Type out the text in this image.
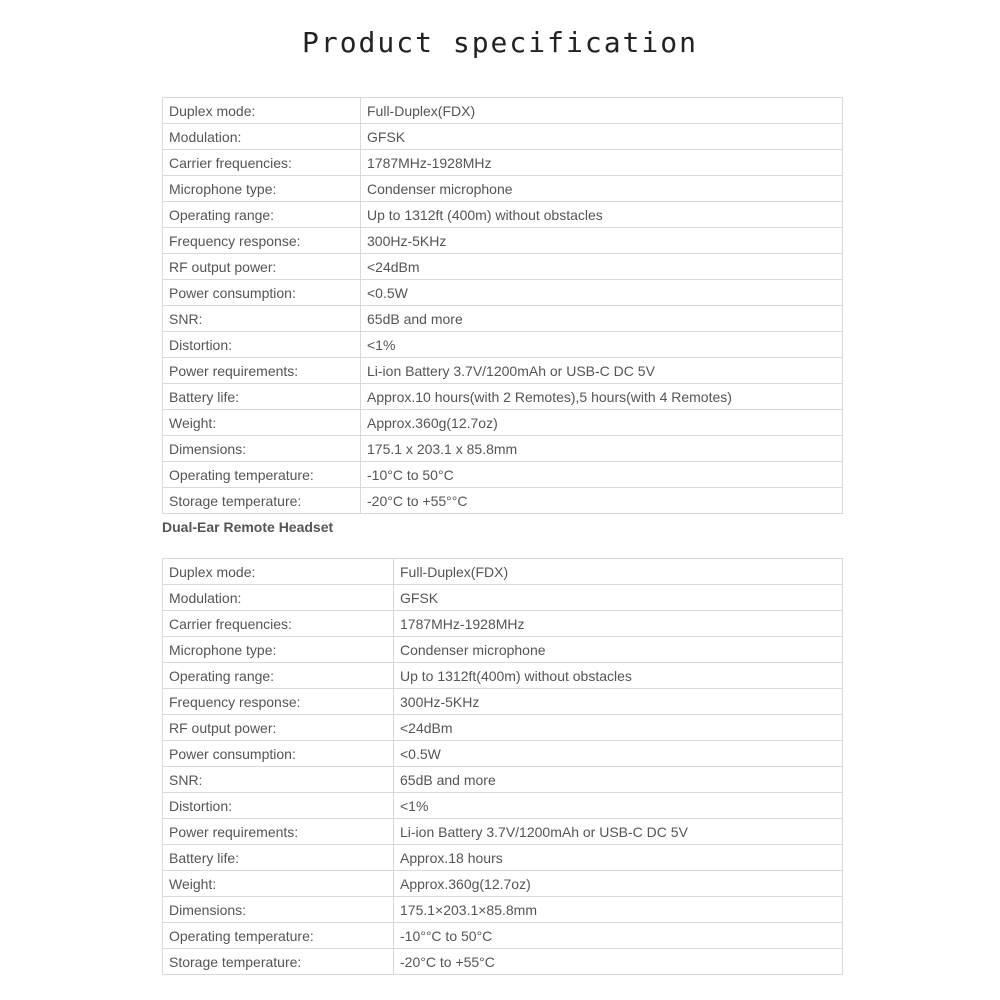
Product specification
Duplex mode:	Full-Duplex(FDX)
Modulation:	GFSK
Carrier frequencies:	1787MHz-1928MHz
Microphone type:	Condenser microphone
Operating range:	Up to 1312ft (400m) without obstacles
Frequency response:	300Hz-5KHz
RF output power:	<24dBm
Power consumption:	<0.5W
SNR:	65dB and more
Distortion:	<1%
Power requirements:	Li-ion Battery 3.7V/1200mAh or USB-C DC 5V
Battery life:	Approx.10 hours(with 2 Remotes),5 hours(with 4 Remotes)
Weight:	Approx.360g(12.7oz)
Dimensions:	175.1 x 203.1 x 85.8mm
Operating temperature:	-10°C to 50°C
Storage temperature:	-20°C to +55°°C
Dual-Ear Remote Headset
Duplex mode:	Full-Duplex(FDX)
Modulation:	GFSK
Carrier frequencies:	1787MHz-1928MHz
Microphone type:	Condenser microphone
Operating range:	Up to 1312ft(400m) without obstacles
Frequency response:	300Hz-5KHz
RF output power:	<24dBm
Power consumption:	<0.5W
SNR:	65dB and more
Distortion:	<1%
Power requirements:	Li-ion Battery 3.7V/1200mAh or USB-C DC 5V
Battery life:	Approx.18 hours
Weight:	Approx.360g(12.7oz)
Dimensions:	175.1×203.1×85.8mm
Operating temperature:	-10°°C to 50°C
Storage temperature:	-20°C to +55°C
